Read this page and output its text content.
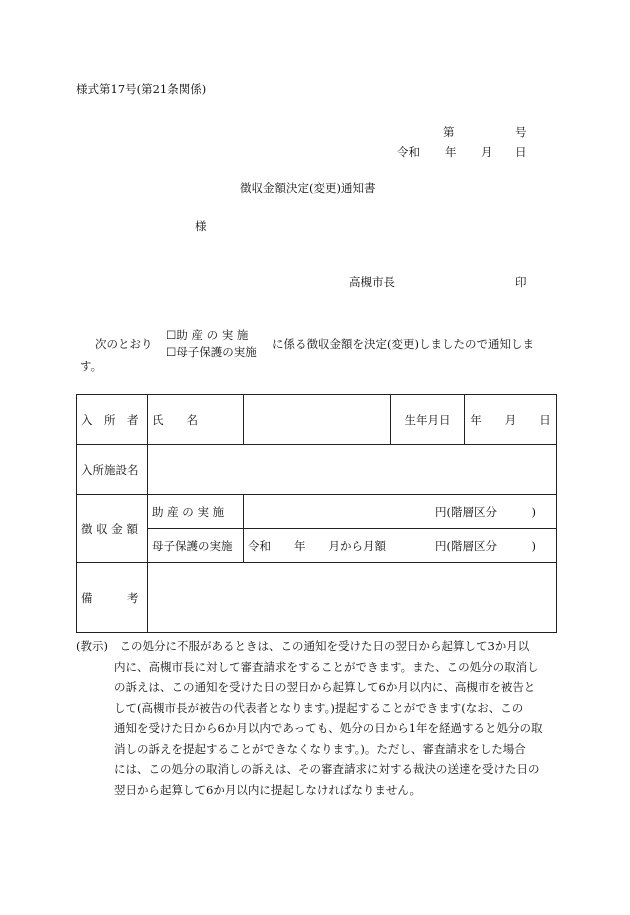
様式第17号(第21条関係)
第	号
令和 年 月 日
徴収金額決定(変更)通知書
様
高槻市長	印
次のとおり
☐助 産 の 実 施
☐母子保護の実施
に係る徴収金額を決定(変更)しましたので通知しま
す。
入　所　者	氏　　名		生年月日	年　　月　　日
入所施設名				
徴 収 金 額	助 産 の 実 施	円(階層区分　　　)		
	母子保護の実施	令和　　年　　月から月額 円(階層区分　　　)		

備　　　考				
(教示)　この処分に不服があるときは、この通知を受けた日の翌日から起算して3か月以
内に、高槻市長に対して審査請求をすることができます。また、この処分の取消し
の訴えは、この通知を受けた日の翌日から起算して6か月以内に、高槻市を被告と
して(高槻市長が被告の代表者となります。)提起することができます(なお、この
通知を受けた日から6か月以内であっても、処分の日から1年を経過すると処分の取
消しの訴えを提起することができなくなります。)。ただし、審査請求をした場合
には、この処分の取消しの訴えは、その審査請求に対する裁決の送達を受けた日の
翌日から起算して6か月以内に提起しなければなりません。
